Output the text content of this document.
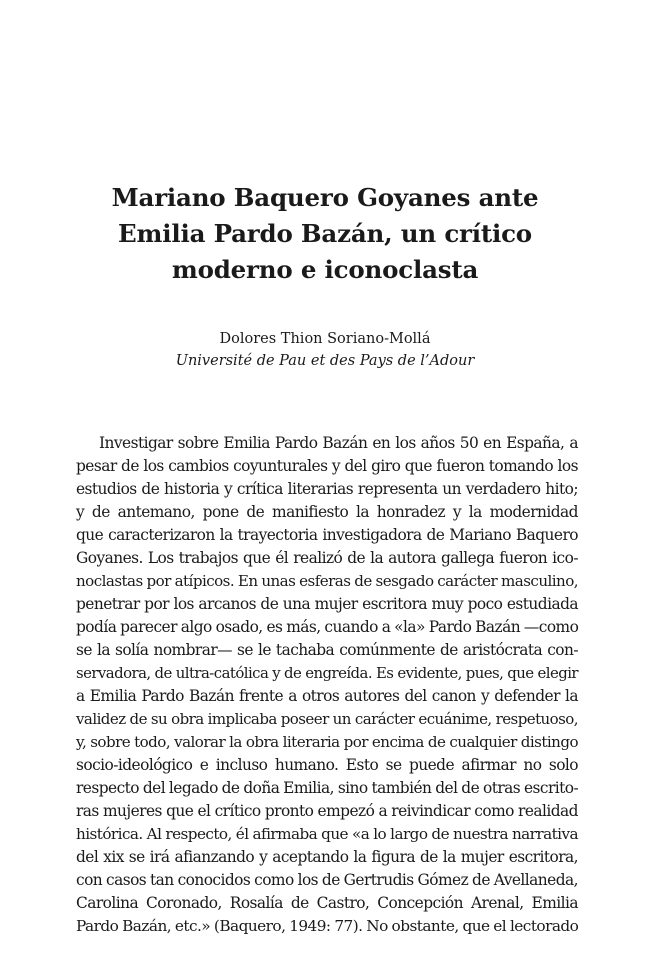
Mariano Baquero Goyanes ante
Emilia Pardo Bazán, un crítico
moderno e iconoclasta
Dolores Thion Soriano-Mollá
Université de Pau et des Pays de l’Adour
Investigar sobre Emilia Pardo Bazán en los años 50 en España, a
pesar de los cambios coyunturales y del giro que fueron tomando los
estudios de historia y crítica literarias representa un verdadero hito;
y de antemano, pone de manifiesto la honradez y la modernidad
que caracterizaron la trayectoria investigadora de Mariano Baquero
Goyanes. Los trabajos que él realizó de la autora gallega fueron ico-
noclastas por atípicos. En unas esferas de sesgado carácter masculino,
penetrar por los arcanos de una mujer escritora muy poco estudiada
podía parecer algo osado, es más, cuando a «la» Pardo Bazán —como
se la solía nombrar— se le tachaba comúnmente de aristócrata con-
servadora, de ultra-católica y de engreída. Es evidente, pues, que elegir
a Emilia Pardo Bazán frente a otros autores del canon y defender la
validez de su obra implicaba poseer un carácter ecuánime, respetuoso,
y, sobre todo, valorar la obra literaria por encima de cualquier distingo
socio-ideológico e incluso humano. Esto se puede afirmar no solo
respecto del legado de doña Emilia, sino también del de otras escrito-
ras mujeres que el crítico pronto empezó a reivindicar como realidad
histórica. Al respecto, él afirmaba que «a lo largo de nuestra narrativa
del xix se irá afianzando y aceptando la figura de la mujer escritora,
con casos tan conocidos como los de Gertrudis Gómez de Avellaneda,
Carolina Coronado, Rosalía de Castro, Concepción Arenal, Emilia
Pardo Bazán, etc.» (Baquero, 1949: 77). No obstante, que el lectorado
